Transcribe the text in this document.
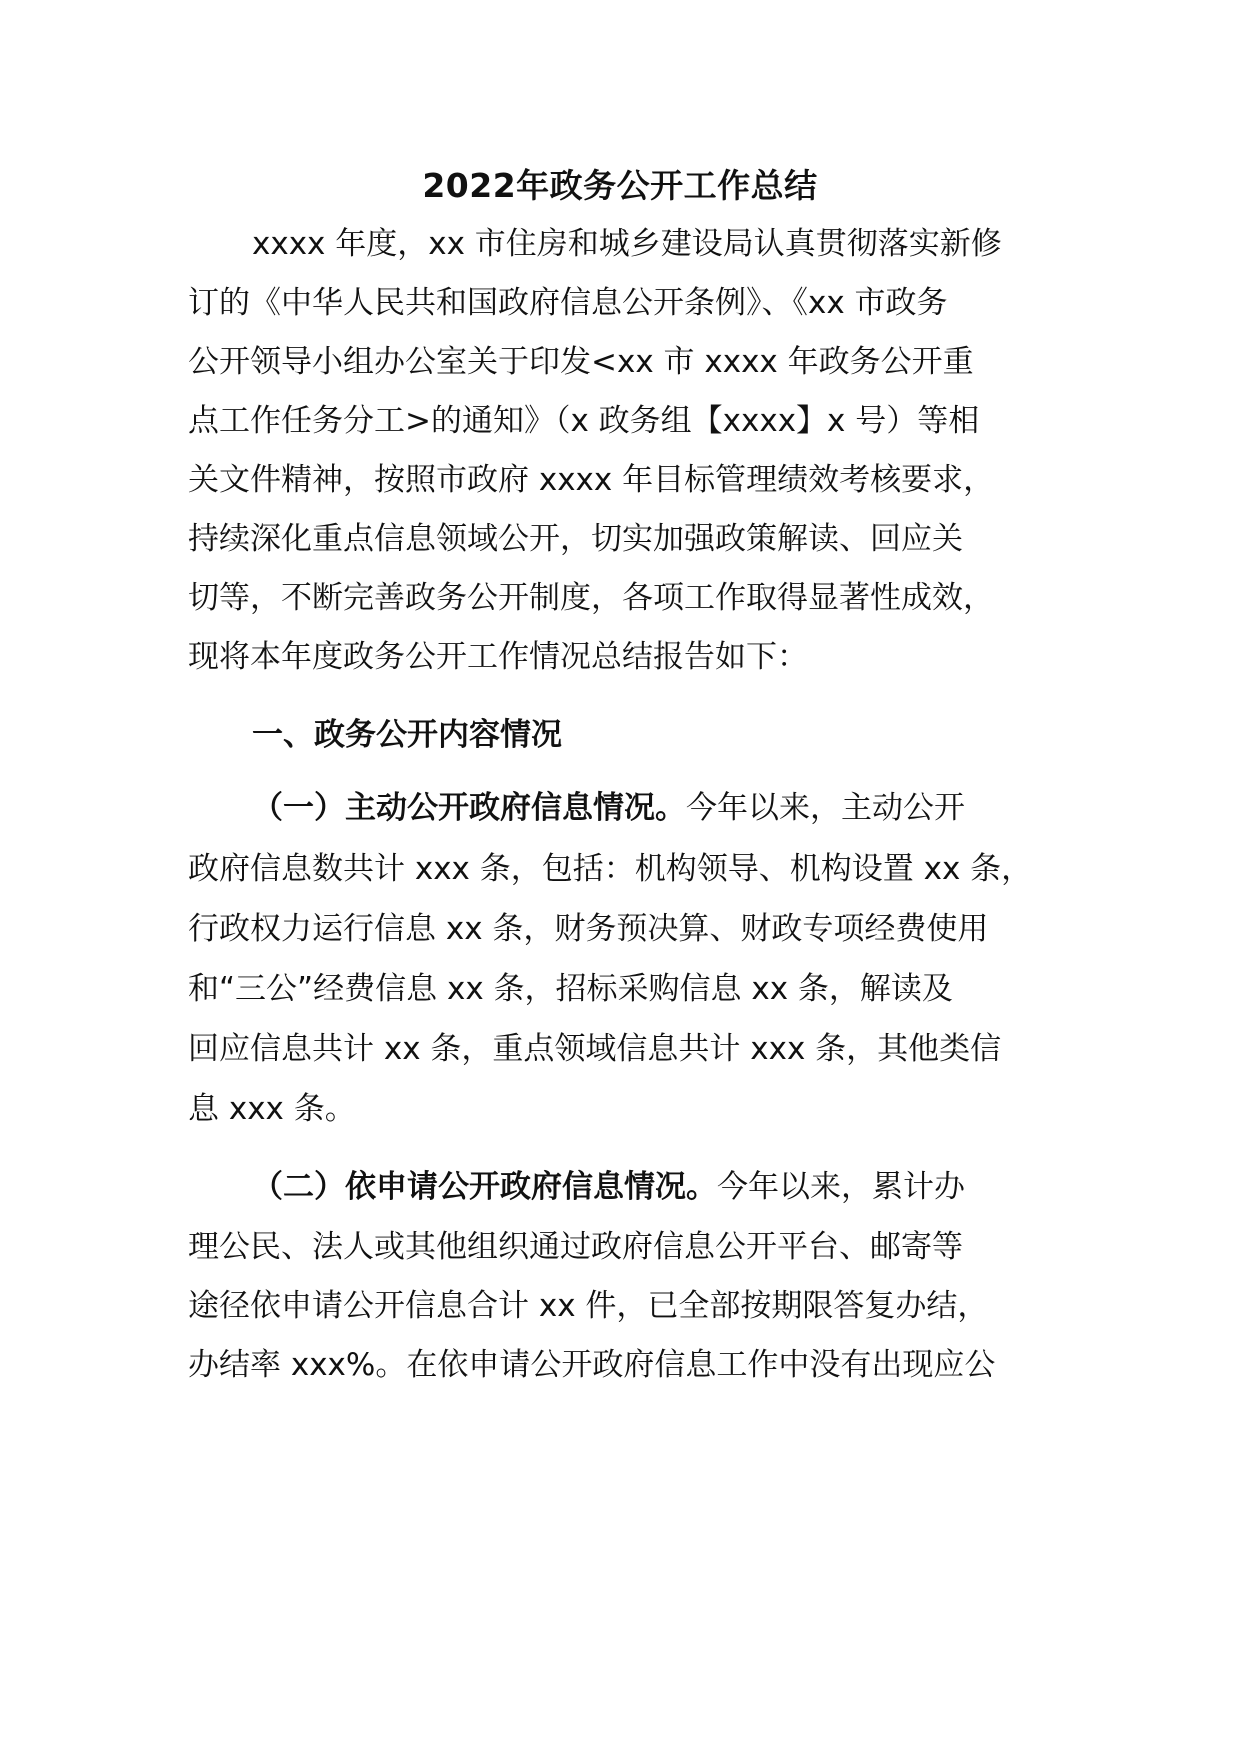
2022年政务公开工作总结
xxxx 年度，xx 市住房和城乡建设局认真贯彻落实新修
订的《中华人民共和国政府信息公开条例》、《xx 市政务
公开领导小组办公室关于印发<xx 市 xxxx 年政务公开重
点工作任务分工>的通知》（x 政务组【xxxx】x 号）等相
关文件精神，按照市政府 xxxx 年目标管理绩效考核要求，
持续深化重点信息领域公开，切实加强政策解读、回应关
切等，不断完善政务公开制度，各项工作取得显著性成效，
现将本年度政务公开工作情况总结报告如下：
一、政务公开内容情况
（一）主动公开政府信息情况。今年以来，主动公开
政府信息数共计 xxx 条，包括：机构领导、机构设置 xx 条，
行政权力运行信息 xx 条，财务预决算、财政专项经费使用
和“三公”经费信息 xx 条，招标采购信息 xx 条，解读及
回应信息共计 xx 条，重点领域信息共计 xxx 条，其他类信
息 xxx 条。
（二）依申请公开政府信息情况。今年以来，累计办
理公民、法人或其他组织通过政府信息公开平台、邮寄等
途径依申请公开信息合计 xx 件，已全部按期限答复办结，
办结率 xxx%。在依申请公开政府信息工作中没有出现应公
